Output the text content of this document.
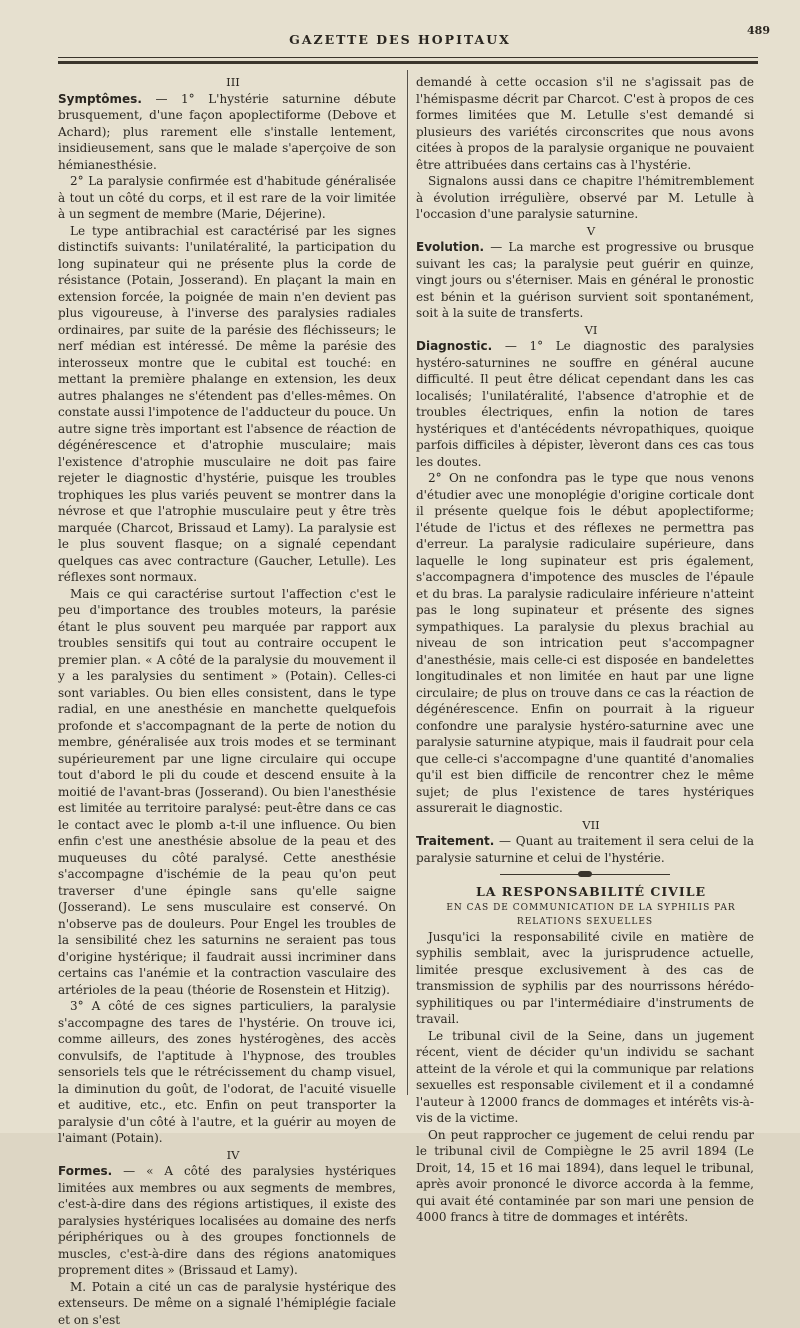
GAZETTE DES HOPITAUX
489

III

Symptômes. — 1° L'hystérie saturnine débute brusquement, d'une façon apoplectiforme (Debove et Achard); plus rarement elle s'installe lentement, insidieusement, sans que le malade s'aperçoive de son hémianesthésie.

2° La paralysie confirmée est d'habitude généralisée à tout un côté du corps, et il est rare de la voir limitée à un segment de membre (Marie, Déjerine).

Le type antibrachial est caractérisé par les signes distinctifs suivants: l'unilatéralité, la participation du long supinateur qui ne présente plus la corde de résistance (Potain, Josserand). En plaçant la main en extension forcée, la poignée de main n'en devient pas plus vigoureuse, à l'inverse des paralysies radiales ordinaires, par suite de la parésie des fléchisseurs; le nerf médian est intéressé. De même la parésie des interosseux montre que le cubital est touché: en mettant la première phalange en extension, les deux autres phalanges ne s'étendent pas d'elles-mêmes. On constate aussi l'impotence de l'adducteur du pouce. Un autre signe très important est l'absence de réaction de dégénérescence et d'atrophie musculaire; mais l'existence d'atrophie musculaire ne doit pas faire rejeter le diagnostic d'hystérie, puisque les troubles trophiques les plus variés peuvent se montrer dans la névrose et que l'atrophie musculaire peut y être très marquée (Charcot, Brissaud et Lamy). La paralysie est le plus souvent flasque; on a signalé cependant quelques cas avec contracture (Gaucher, Letulle). Les réflexes sont normaux.

Mais ce qui caractérise surtout l'affection c'est le peu d'importance des troubles moteurs, la parésie étant le plus souvent peu marquée par rapport aux troubles sensitifs qui tout au contraire occupent le premier plan. « A côté de la paralysie du mouvement il y a les paralysies du sentiment » (Potain). Celles-ci sont variables. Ou bien elles consistent, dans le type radial, en une anesthésie en manchette quelquefois profonde et s'accompagnant de la perte de notion du membre, généralisée aux trois modes et se terminant supérieurement par une ligne circulaire qui occupe tout d'abord le pli du coude et descend ensuite à la moitié de l'avant-bras (Josserand). Ou bien l'anesthésie est limitée au territoire paralysé: peut-être dans ce cas le contact avec le plomb a-t-il une influence. Ou bien enfin c'est une anesthésie absolue de la peau et des muqueuses du côté paralysé. Cette anesthésie s'accompagne d'ischémie de la peau qu'on peut traverser d'une épingle sans qu'elle saigne (Josserand). Le sens musculaire est conservé. On n'observe pas de douleurs. Pour Engel les troubles de la sensibilité chez les saturnins ne seraient pas tous d'origine hystérique; il faudrait aussi incriminer dans certains cas l'anémie et la contraction vasculaire des artérioles de la peau (théorie de Rosenstein et Hitzig).

3° A côté de ces signes particuliers, la paralysie s'accompagne des tares de l'hystérie. On trouve ici, comme ailleurs, des zones hystérogènes, des accès convulsifs, de l'aptitude à l'hypnose, des troubles sensoriels tels que le rétrécissement du champ visuel, la diminution du goût, de l'odorat, de l'acuité visuelle et auditive, etc., etc. Enfin on peut transporter la paralysie d'un côté à l'autre, et la guérir au moyen de l'aimant (Potain).

IV

Formes. — « A côté des paralysies hystériques limitées aux membres ou aux segments de membres, c'est-à-dire dans des régions artistiques, il existe des paralysies hystériques localisées au domaine des nerfs périphériques ou à des groupes fonctionnels de muscles, c'est-à-dire dans des régions anatomiques proprement dites » (Brissaud et Lamy).

M. Potain a cité un cas de paralysie hystérique des extenseurs. De même on a signalé l'hémiplégie faciale et on s'est

demandé à cette occasion s'il ne s'agissait pas de l'hémispasme décrit par Charcot. C'est à propos de ces formes limitées que M. Letulle s'est demandé si plusieurs des variétés circonscrites que nous avons citées à propos de la paralysie organique ne pouvaient être attribuées dans certains cas à l'hystérie.

Signalons aussi dans ce chapitre l'hémitremblement à évolution irrégulière, observé par M. Letulle à l'occasion d'une paralysie saturnine.

V

Evolution. — La marche est progressive ou brusque suivant les cas; la paralysie peut guérir en quinze, vingt jours ou s'éterniser. Mais en général le pronostic est bénin et la guérison survient soit spontanément, soit à la suite de transferts.

VI

Diagnostic. — 1° Le diagnostic des paralysies hystéro-saturnines ne souffre en général aucune difficulté. Il peut être délicat cependant dans les cas localisés; l'unilatéralité, l'absence d'atrophie et de troubles électriques, enfin la notion de tares hystériques et d'antécédents névropathiques, quoique parfois difficiles à dépister, lèveront dans ces cas tous les doutes.

2° On ne confondra pas le type que nous venons d'étudier avec une monoplégie d'origine corticale dont il présente quelque fois le début apoplectiforme; l'étude de l'ictus et des réflexes ne permettra pas d'erreur. La paralysie radiculaire supérieure, dans laquelle le long supinateur est pris également, s'accompagnera d'impotence des muscles de l'épaule et du bras. La paralysie radiculaire inférieure n'atteint pas le long supinateur et présente des signes sympathiques. La paralysie du plexus brachial au niveau de son intrication peut s'accompagner d'anesthésie, mais celle-ci est disposée en bandelettes longitudinales et non limitée en haut par une ligne circulaire; de plus on trouve dans ce cas la réaction de dégénérescence. Enfin on pourrait à la rigueur confondre une paralysie hystéro-saturnine avec une paralysie saturnine atypique, mais il faudrait pour cela que celle-ci s'accompagne d'une quantité d'anomalies qu'il est bien difficile de rencontrer chez le même sujet; de plus l'existence de tares hystériques assurerait le diagnostic.

VII

Traitement. — Quant au traitement il sera celui de la paralysie saturnine et celui de l'hystérie.

LA RESPONSABILITÉ CIVILE

EN CAS DE COMMUNICATION DE LA SYPHILIS PAR RELATIONS SEXUELLES

Jusqu'ici la responsabilité civile en matière de syphilis semblait, avec la jurisprudence actuelle, limitée presque exclusivement à des cas de transmission de syphilis par des nourrissons hérédo-syphilitiques ou par l'intermédiaire d'instruments de travail.

Le tribunal civil de la Seine, dans un jugement récent, vient de décider qu'un individu se sachant atteint de la vérole et qui la communique par relations sexuelles est responsable civilement et il a condamné l'auteur à 12000 francs de dommages et intérêts vis-à-vis de la victime.

On peut rapprocher ce jugement de celui rendu par le tribunal civil de Compiègne le 25 avril 1894 (Le Droit, 14, 15 et 16 mai 1894), dans lequel le tribunal, après avoir prononcé le divorce accorda à la femme, qui avait été contaminée par son mari une pension de 4000 francs à titre de dommages et intérêts.
